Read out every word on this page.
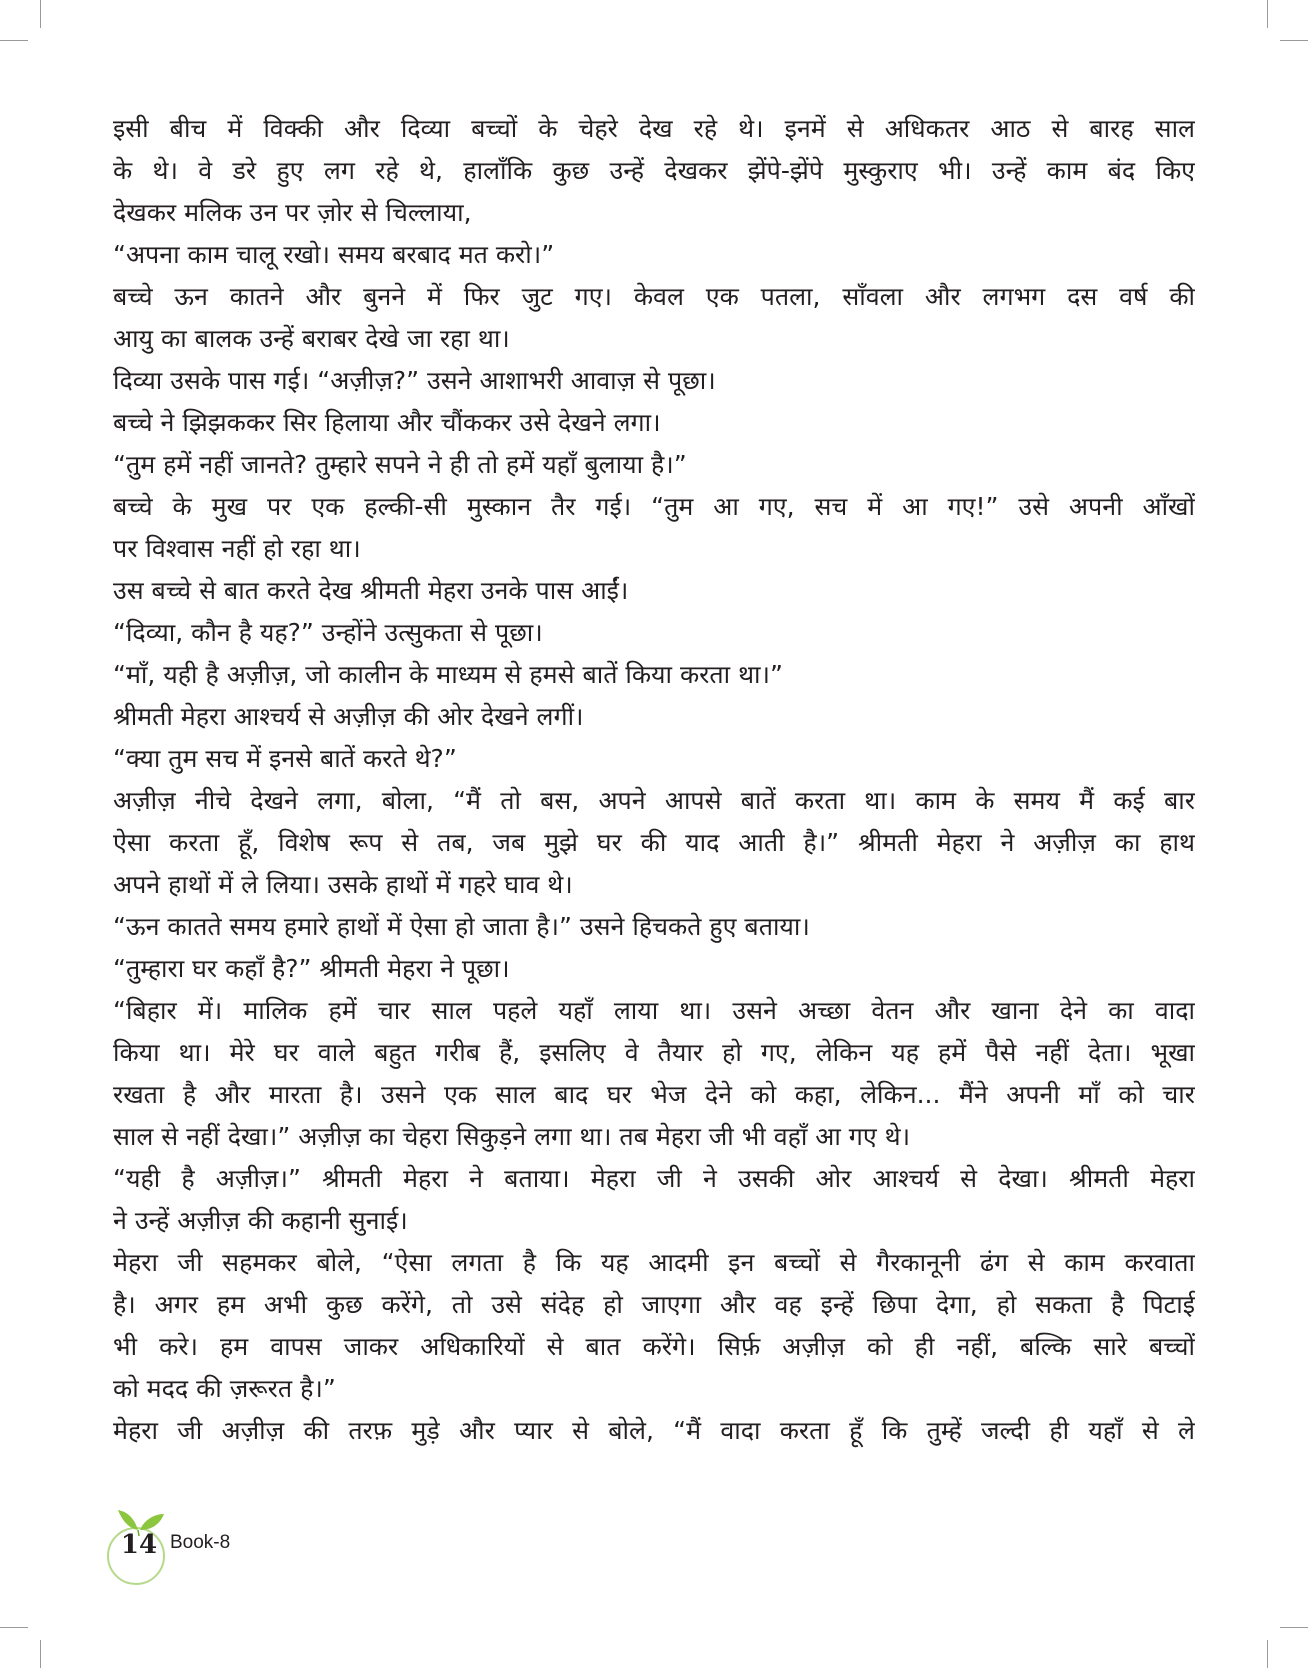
इसी बीच में विक्की और दिव्या बच्चों के चेहरे देख रहे थे। इनमें से अधिकतर आठ से बारह साल
के थे। वे डरे हुए लग रहे थे, हालाँकि कुछ उन्हें देखकर झेंपे-झेंपे मुस्कुराए भी। उन्हें काम बंद किए
देखकर मलिक उन पर ज़ोर से चिल्लाया,
“अपना काम चालू रखो। समय बरबाद मत करो।”
बच्चे ऊन कातने और बुनने में फिर जुट गए। केवल एक पतला, साँवला और लगभग दस वर्ष की
आयु का बालक उन्हें बराबर देखे जा रहा था।
दिव्या उसके पास गई। “अज़ीज़?” उसने आशाभरी आवाज़ से पूछा।
बच्चे ने झिझककर सिर हिलाया और चौंककर उसे देखने लगा।
“तुम हमें नहीं जानते? तुम्हारे सपने ने ही तो हमें यहाँ बुलाया है।”
बच्चे के मुख पर एक हल्की-सी मुस्कान तैर गई। “तुम आ गए, सच में आ गए!” उसे अपनी आँखों
पर विश्वास नहीं हो रहा था।
उस बच्चे से बात करते देख श्रीमती मेहरा उनके पास आईं।
“दिव्या, कौन है यह?” उन्होंने उत्सुकता से पूछा।
“माँ, यही है अज़ीज़, जो कालीन के माध्यम से हमसे बातें किया करता था।”
श्रीमती मेहरा आश्चर्य से अज़ीज़ की ओर देखने लगीं।
“क्या तुम सच में इनसे बातें करते थे?”
अज़ीज़ नीचे देखने लगा, बोला, “मैं तो बस, अपने आपसे बातें करता था। काम के समय मैं कई बार
ऐसा करता हूँ, विशेष रूप से तब, जब मुझे घर की याद आती है।” श्रीमती मेहरा ने अज़ीज़ का हाथ
अपने हाथों में ले लिया। उसके हाथों में गहरे घाव थे।
“ऊन कातते समय हमारे हाथों में ऐसा हो जाता है।” उसने हिचकते हुए बताया।
“तुम्हारा घर कहाँ है?” श्रीमती मेहरा ने पूछा।
“बिहार में। मालिक हमें चार साल पहले यहाँ लाया था। उसने अच्छा वेतन और खाना देने का वादा
किया था। मेरे घर वाले बहुत गरीब हैं, इसलिए वे तैयार हो गए, लेकिन यह हमें पैसे नहीं देता। भूखा
रखता है और मारता है। उसने एक साल बाद घर भेज देने को कहा, लेकिन... मैंने अपनी माँ को चार
साल से नहीं देखा।” अज़ीज़ का चेहरा सिकुड़ने लगा था। तब मेहरा जी भी वहाँ आ गए थे।
“यही है अज़ीज़।” श्रीमती मेहरा ने बताया। मेहरा जी ने उसकी ओर आश्चर्य से देखा। श्रीमती मेहरा
ने उन्हें अज़ीज़ की कहानी सुनाई।
मेहरा जी सहमकर बोले, “ऐसा लगता है कि यह आदमी इन बच्चों से गैरकानूनी ढंग से काम करवाता
है। अगर हम अभी कुछ करेंगे, तो उसे संदेह हो जाएगा और वह इन्हें छिपा देगा, हो सकता है पिटाई
भी करे। हम वापस जाकर अधिकारियों से बात करेंगे। सिर्फ़ अज़ीज़ को ही नहीं, बल्कि सारे बच्चों
को मदद की ज़रूरत है।”
मेहरा जी अज़ीज़ की तरफ़ मुड़े और प्यार से बोले, “मैं वादा करता हूँ कि तुम्हें जल्दी ही यहाँ से ले
14 Book-8
